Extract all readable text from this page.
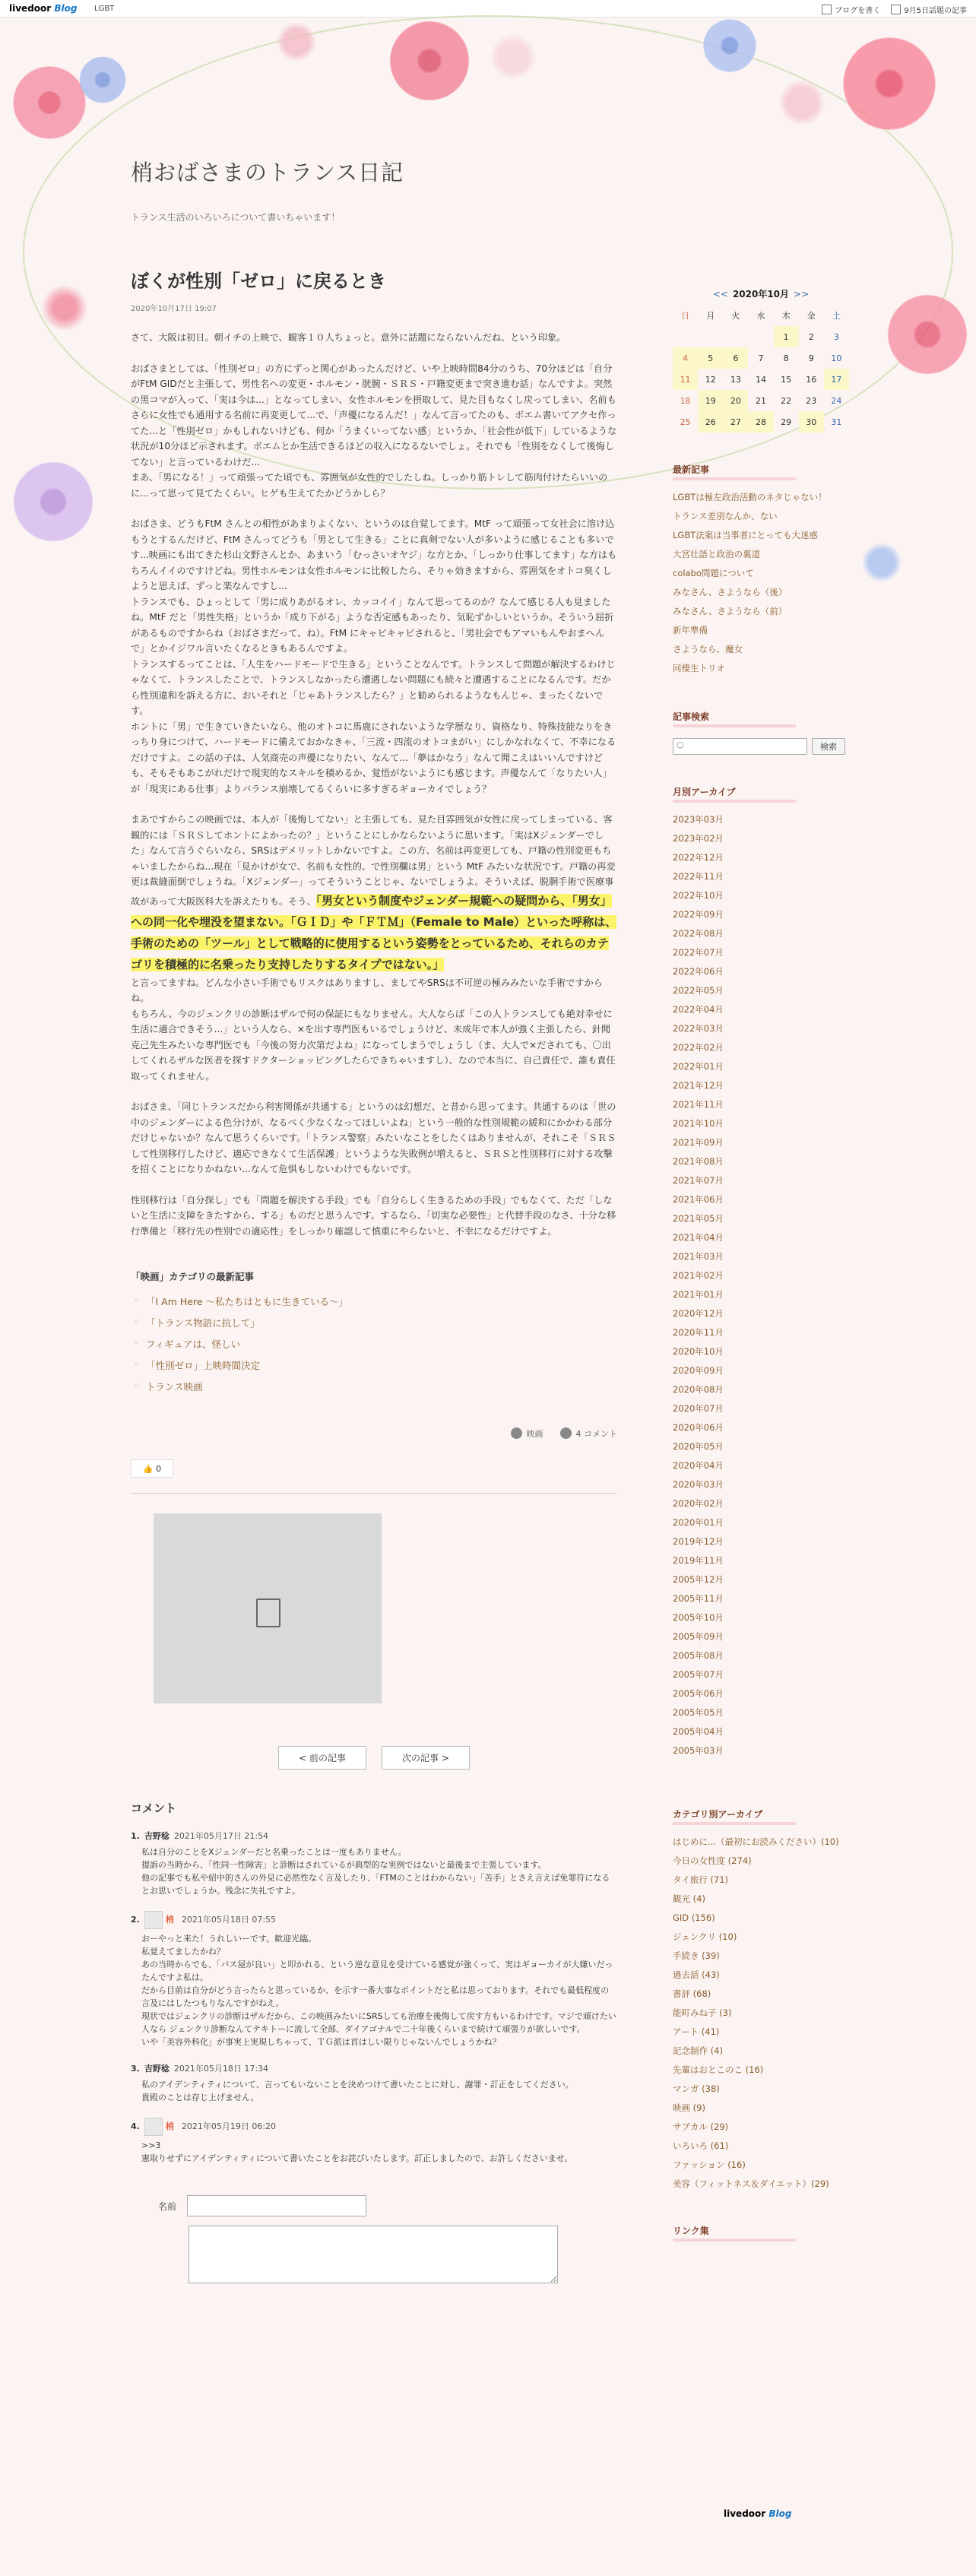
livedoor Blog LGBT	ブログを書く	9月5日話題の記事
梢おばさまのトランス日記
トランス生活のいろいろについて書いちゃいます！
ぼくが性別「ゼロ」に戻るとき
2020年10月17日 19:07

さて、大阪は初日。朝イチの上映で、観客１０人ちょっと。意外に話題にならないんだね、という印象。

おばさまとしては、「性別ゼロ」の方にずっと関心があったんだけど、いや上映時間84分のうち、70分ほどは「自分がFtM GIDだと主張して、男性名への変更・ホルモン・胱腕・ＳＲＳ・戸籍変更まで突き進む話」なんですよ。突然の黒コマが入って、「実は今は...」となってしまい、女性ホルモンを摂取して、見た目もなくし戻ってしまい、名前もさらに女性でも通用する名前に再変更して...で、「声優になるんだ！」なんて言ってたのも、ボエム書いてアクセ作ってた...と「性別ゼロ」かもしれないけども、何か「うまくいってない感」というか、「社会性が低下」しているような状況が10分ほど示されます。ボエムとか生活できるほどの収入になるないでしょ。それでも「性別をなくして後悔してない」と言っているわけだ...
まあ、「男になる！」って頑張ってた頃でも、雰囲気が女性的でしたしね。しっかり筋トレして筋肉付けたらいいのに...って思って見てたくらい。ヒゲも生えてたかどうかしら？

おばさま、どうもFtM さんとの相性があまりよくない、というのは自覚してます。MtF って頑張って女社会に溶け込もうとするんだけど、FtM さんってどうも「男として生きる」ことに真剣でない人が多いように感じることも多いです...映画にも出てきた杉山文野さんとか、あまいう「むっさいオヤジ」な方とか、「しっかり仕事してます」な方はもちろんイイのですけどね。男性ホルモンは女性ホルモンに比較したら、そりゃ効きますから、雰囲気をオトコ臭くしようと思えば、ずっと楽なんですし...
トランスでも、ひょっとして「男に成りあがるオレ、カッコイイ」なんて思ってるのか？なんて感じる人も見ましたね。MtF だと「男性失格」というか「成り下がる」ような否定感もあったり、気恥ずかしいというか。そういう屈折があるものですからね（おばさまだって、ね）。FtM にキャピキャピされると、「男社会でもアマいもんやおまへんで」とかイジワル言いたくなるときもあるんですよ。
トランスするってことは、「人生をハードモードで生きる」ということなんです。トランスして問題が解決するわけじゃなくて、トランスしたことで、トランスしなかったら遭遇しない問題にも続々と遭遇することになるんです。だから性別違和を訴える方に、おいそれと「じゃあトランスしたら？」と勧められるようなもんじゃ、まったくないです。
ホントに「男」で生きていきたいなら、他のオトコに馬鹿にされないような学歴なり、資格なり、特殊技能なりをきっちり身につけて、ハードモードに備えておかなきゃ、「三流・四流のオトコまがい」にしかなれなくて、不幸になるだけですよ。この話の子は、人気商売の声優になりたい、なんて...「夢はかなう」なんて聞こえはいいんですけども、そもそもあこがれだけで現実的なスキルを積めるか、覚悟がないようにも感じます。声優なんて「なりたい人」が「現実にある仕事」よりバランス崩壊してるくらいに多すぎるギョーカイでしょう？

まあですからこの映画では、本人が「後悔してない」と主張しても、見た目雰囲気が女性に戻ってしまっている、客観的には「ＳＲＳしてホントによかったの？」ということにしかならないように思います。「実はXジェンダーでした」なんて言うぐらいなら、SRSはデメリットしかないですよ。この方、名前は再変更しても、戸籍の性別変更もちゃいましたからね...現在「見かけが女で、名前も女性的、で性別欄は男」という MtF みたいな状況です。戸籍の再変更は裁縫面倒でしょうね。「Xジェンダー」ってそういうことじゃ、ないでしょうよ。そういえば、脱胴手術で医療事故があって大阪医科大を訴えたりも。そう、「男女という制度やジェンダー規範への疑問から、「男女」への同一化や埋没を望まない。「ＧＩＤ」や「ＦＴＭ」（Female to Male）といった呼称は、手術のための「ツール」として戦略的に使用するという姿勢をとっているため、それらのカテゴリを積極的に名乗ったり支持したりするタイプではない。」

と言ってますね。どんな小さい手術でもリスクはありますし、ましてやSRSは不可逆の極みみたいな手術ですからね。
もちろん、今のジェンクリの診断はザルで何の保証にもなりません。大人ならば「この人トランスしても絶対幸せに生活に適合できそう...」という人なら、×を出す専門医もいるでしょうけど、未成年で本人が強く主張したら、針聞克己先生みたいな専門医でも「今後の努力次第だよね」になってしまうでしょうし（ま、大人で×だされても、〇出してくれるザルな医者を探すドクターショッピングしたらできちゃいますし）、なので本当に、自己責任で、誰も責任取ってくれません。

おばさま、「同じトランスだから利害関係が共通する」というのは幻想だ、と昔から思ってます。共通するのは「世の中のジェンダーによる色分けが、なるべく少なくなってほしいよね」という一般的な性別規範の緩和にかかわる部分だけじゃないか？なんて思うくらいです。「トランス警察」みたいなことをしたくはありませんが、それこそ「ＳＲＳして性別移行したけど、適応できなくて生活保護」というような失敗例が増えると、ＳＲＳと性別移行に対する攻撃を招くことになりかねない...なんて危惧もしないわけでもないです。

性別移行は「自分探し」でも「問題を解決する手段」でも「自分らしく生きるための手段」でもなくて、ただ「しないと生活に支障をきたすから、する」ものだと思うんです。するなら、「切実な必要性」と代替手段のなさ、十分な移行準備と「移行先の性別での適応性」をしっかり確認して慎重にやらないと、不幸になるだけですよ。

「映画」カテゴリの最新記事
◦ 「I Am Here ～私たちはともに生きている～」
◦ 「トランス物語に抗して」
◦ フィギュアは、怪しい
◦ 「性別ゼロ」上映時間決定
◦ トランス映画
映画	4 コメント
👍
0
< 前の記事	次の記事 >
コメント
1. 吉野稔 2021年05月17日 21:54
私は自分のことをXジェンダーだと名乗ったことは一度もありません。
提訴の当時から、「性同一性障害」と診断はされているが典型的な実例ではないと最後まで主張しています。
他の記事でも私や紹中的さんの外見に必然性なく言及したり、「FTMのことはわからない」「苦手」とさえ言えば免罪符になるとお思いでしょうか。残念に失礼ですよ。
2.	梢 2021年05月18日 07:55
おーやっと来た！うれしいーです。歓迎光臨。
私覚えてましたかね？
あの当時からでも、「バス屋が良い」と叩かれる、という逆な意見を受けている感覚が強くって、実はギョーカイが大嫌いだったんですよ私は。
だから目前は自分がどう言ったらと思っているか、を示す一番大事なポイントだと私は思っております。それでも最低程度の言及にはしたつもりなんですがねえ。
現状ではジェンクリの診断はザルだから、この映画みたいにSRSしても治療を後悔して戻す方もいるわけです。マジで頑けたい人なら ジェンクリ診断なんてテキトーに流して全部、ダイアゴナルで二十年後くらいまで続けて頑張りが欲しいです。
いや「美容外科化」が事実上実現しちゃって、ＴＧ派は首はしい限りじゃないんでしょうかね？
3. 吉野稔 2021年05月18日 17:34
私のアイデンティティについて、言ってもいないことを決めつけて書いたことに対し、謝罪・訂正をしてください。
貴殿のことは存じ上げません。
4.	梢 2021年05月19日 06:20
>>3
憲取りせずにアイデンティティについて書いたことをお詫びいたします。訂正しましたので、お許しくださいませ。
名前
<< 2020年10月 >>
日	月	火	水	木	金	土
				1	2	3
4	5	6	7	8	9	10
11	12	13	14	15	16	17
18	19	20	21	22	23	24
25	26	27	28	29	30	31
最新記事
LGBTは極左政治活動のネタじゃない！
トランス差別なんか、ない
LGBT法案は当事者にとっても大迷惑
大宮壮語と政治の裏道
colabo問題について
みなさん、さようなら（後）
みなさん、さようなら（前）
新年準備
さようなら、魔女
同棲生トリオ
記事検索
○
検索
月別アーカイブ
2023年03月
2023年02月
2022年12月
2022年11月
2022年10月
2022年09月
2022年08月
2022年07月
2022年06月
2022年05月
2022年04月
2022年03月
2022年02月
2022年01月
2021年12月
2021年11月
2021年10月
2021年09月
2021年08月
2021年07月
2021年06月
2021年05月
2021年04月
2021年03月
2021年02月
2021年01月
2020年12月
2020年11月
2020年10月
2020年09月
2020年08月
2020年07月
2020年06月
2020年05月
2020年04月
2020年03月
2020年02月
2020年01月
2019年12月
2019年11月
2005年12月
2005年11月
2005年10月
2005年09月
2005年08月
2005年07月
2005年06月
2005年05月
2005年04月
2005年03月
カテゴリ別アーカイブ
はじめに...（最初にお読みください）(10)
今日の女性度 (274)
タイ旅行 (71)
観光 (4)
GID (156)
ジェンクリ (10)
手続き (39)
過去話 (43)
書評 (68)
能町みね子 (3)
アート (41)
記念制作 (4)
先輩はおとこのこ (16)
マンガ (38)
映画 (9)
サブカル (29)
いろいろ (61)
ファッション (16)
美容（フィットネス＆ダイエット）(29)
リンク集
livedoor Blog
